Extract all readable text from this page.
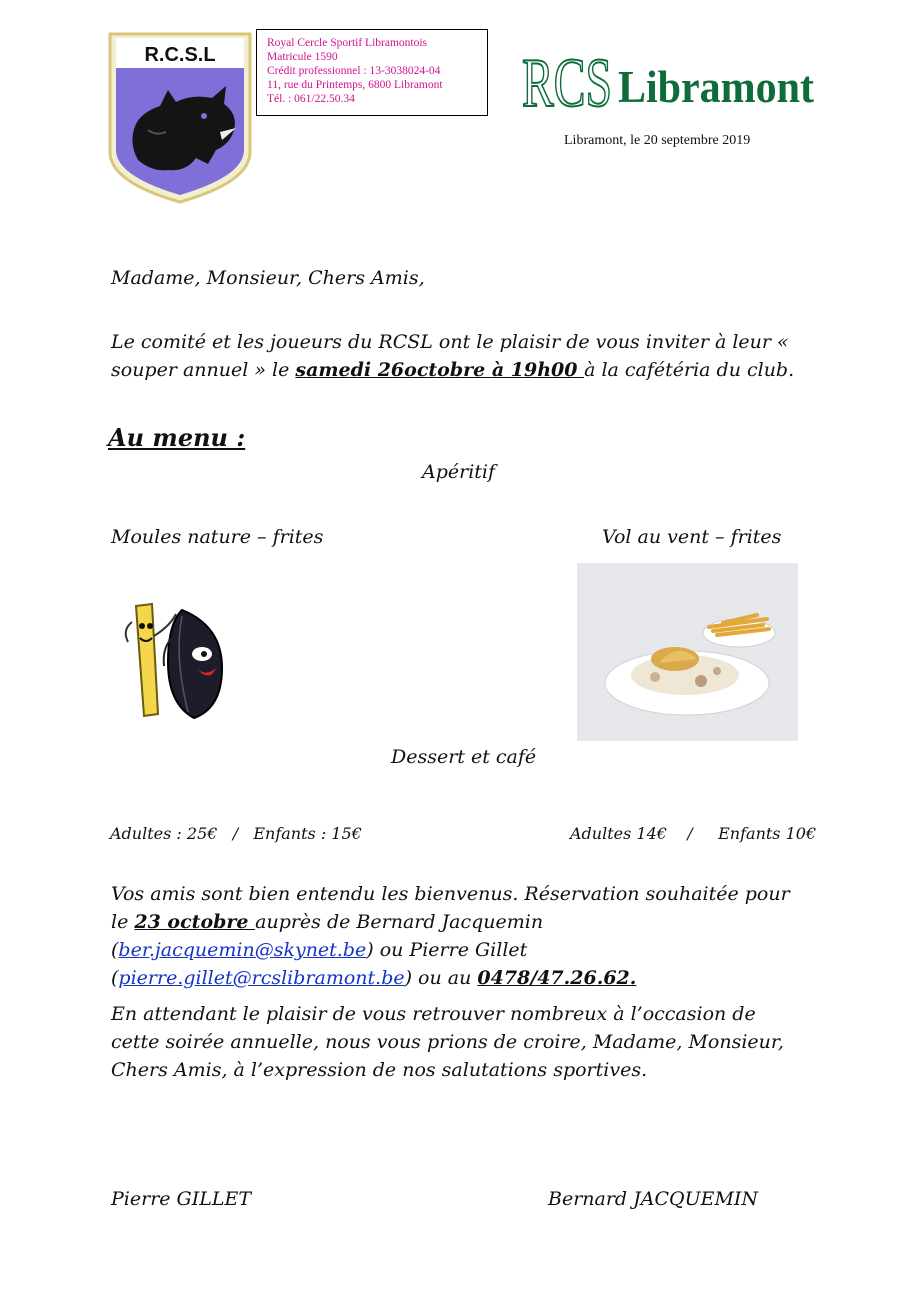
R.C.S.L
Royal Cercle Sportif Libramontois
Matricule 1590
Crédit professionnel : 13-3038024-04
11, rue du Printemps, 6800 Libramont
Tél. : 061/22.50.34	RCS Libramont
Libramont, le 20 septembre 2019
Madame, Monsieur, Chers Amis,
Le comité et les joueurs du RCSL ont le plaisir de vous inviter à leur « souper annuel » le samedi 26octobre à 19h00 à la cafétéria du club.
Au menu :
Apéritif
Moules nature – frites	Vol au vent – frites
Dessert et café
Adultes : 25€   /   Enfants : 15€	Adultes 14€    /     Enfants 10€
Vos amis sont bien entendu les bienvenus. Réservation souhaitée pour le 23 octobre auprès de Bernard Jacquemin (ber.jacquemin@skynet.be) ou Pierre Gillet (pierre.gillet@rcslibramont.be) ou au 0478/47.26.62.
En attendant le plaisir de vous retrouver nombreux à l’occasion de cette soirée annuelle, nous vous prions de croire, Madame, Monsieur, Chers Amis, à l’expression de nos salutations sportives.
Pierre GILLET	Bernard JACQUEMIN
